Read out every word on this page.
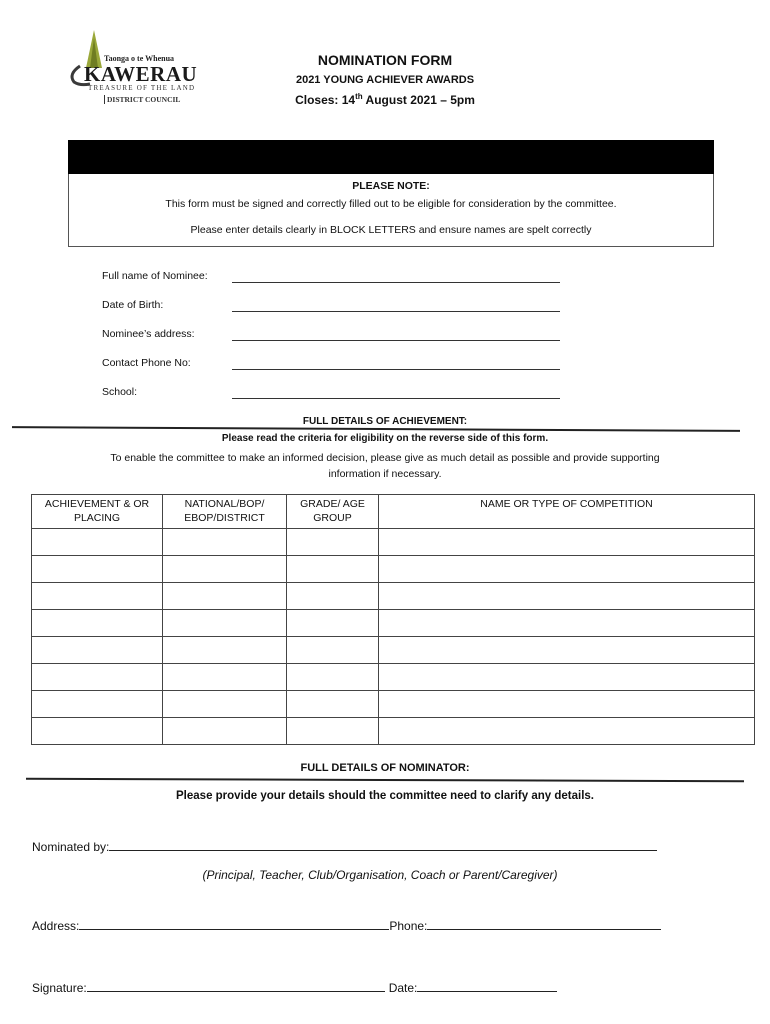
Taonga o te Whenua
KAWERAU
TREASURE OF THE LAND
DISTRICT COUNCIL
NOMINATION FORM
2021 YOUNG ACHIEVER AWARDS
Closes: 14th August 2021 – 5pm
PLEASE NOTE:
This form must be signed and correctly filled out to be eligible for consideration by the committee.
Please enter details clearly in BLOCK LETTERS and ensure names are spelt correctly
Full name of Nominee:
Date of Birth:
Nominee’s address:
Contact Phone No:
School:
FULL DETAILS OF ACHIEVEMENT:
Please read the criteria for eligibility on the reverse side of this form.
To enable the committee to make an informed decision, please give as much detail as possible and provide supporting information if necessary.
ACHIEVEMENT & OR PLACING	NATIONAL/BOP/ EBOP/DISTRICT	GRADE/ AGE GROUP	NAME OR TYPE OF COMPETITION

FULL DETAILS OF NOMINATOR:
Please provide your details should the committee need to clarify any details.
Nominated by:
(Principal, Teacher, Club/Organisation, Coach or Parent/Caregiver)
Address:	Phone:
Signature:	Date:
